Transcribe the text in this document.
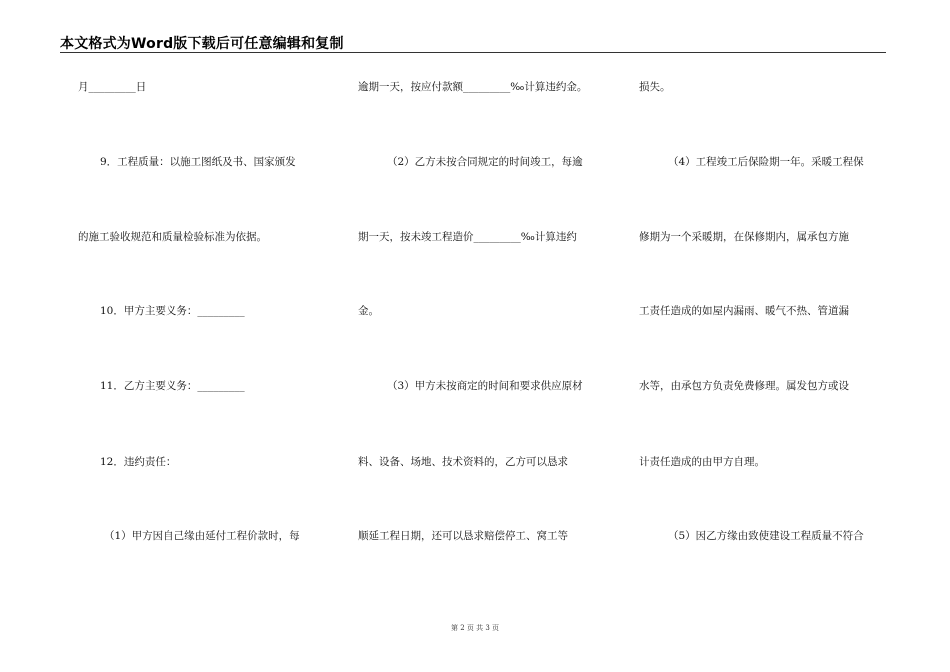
本文格式为Word版下载后可任意编辑和复制
月_________日
9．工程质量：以施工图纸及书、国家颁发
的施工验收规范和质量检验标准为依据。
10．甲方主要义务：_________
11．乙方主要义务：_________
12．违约责任：
（1）甲方因自己缘由延付工程价款时，每
逾期一天，按应付款额_________‰计算违约金。
（2）乙方未按合同规定的时间竣工，每逾
期一天，按未竣工程造价_________‰计算违约
金。
（3）甲方未按商定的时间和要求供应原材
料、设备、场地、技术资料的，乙方可以恳求
顺延工程日期，还可以恳求赔偿停工、窝工等
损失。
（4）工程竣工后保险期一年。采暖工程保
修期为一个采暖期，在保修期内，属承包方施
工责任造成的如屋内漏雨、暖气不热、管道漏
水等，由承包方负责免费修理。属发包方或设
计责任造成的由甲方自理。
（5）因乙方缘由致使建设工程质量不符合
第 2 页 共 3 页
